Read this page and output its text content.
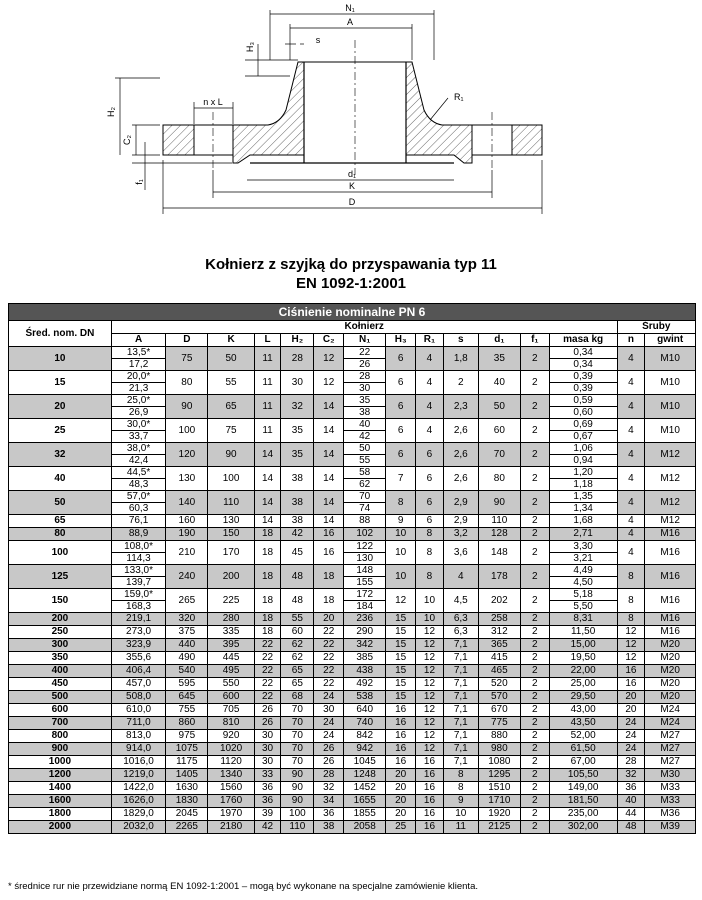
N₁
A
s
H₃
R₁
n x L
H₂
C₂
f₁
d₁
K
D
Kołnierz z szyjką do przyspawania typ 11
EN 1092-1:2001
Ciśnienie nominalne PN 6															
Śred. nom. DN	Kołnierz													Śruby	
	A	D	K	L	H₂	C₂	N₁	H₃	R₁	s	d₁	f₁	masa kg	n	gwint
10	13,5*	75	50	11	28	12	22	6	4	1,8	35	2	0,34	4	M10
	17,2						26						0,34		
15	20,0*	80	55	11	30	12	28	6	4	2	40	2	0,39	4	M10
	21,3						30						0,39		
20	25,0*	90	65	11	32	14	35	6	4	2,3	50	2	0,59	4	M10
	26,9						38						0,60		
25	30,0*	100	75	11	35	14	40	6	4	2,6	60	2	0,69	4	M10
	33,7						42						0,67		
32	38,0*	120	90	14	35	14	50	6	6	2,6	70	2	1,06	4	M12
	42,4						55						0,94		
40	44,5*	130	100	14	38	14	58	7	6	2,6	80	2	1,20	4	M12
	48,3						62						1,18		
50	57,0*	140	110	14	38	14	70	8	6	2,9	90	2	1,35	4	M12
	60,3						74						1,34		
65	76,1	160	130	14	38	14	88	9	6	2,9	110	2	1,68	4	M12
80	88,9	190	150	18	42	16	102	10	8	3,2	128	2	2,71	4	M16
100	108,0*	210	170	18	45	16	122	10	8	3,6	148	2	3,30	4	M16
	114,3						130						3,21		
125	133,0*	240	200	18	48	18	148	10	8	4	178	2	4,49	8	M16
	139,7						155						4,50		
150	159,0*	265	225	18	48	18	172	12	10	4,5	202	2	5,18	8	M16
	168,3						184						5,50		
200	219,1	320	280	18	55	20	236	15	10	6,3	258	2	8,31	8	M16
250	273,0	375	335	18	60	22	290	15	12	6,3	312	2	11,50	12	M16
300	323,9	440	395	22	62	22	342	15	12	7,1	365	2	15,00	12	M20
350	355,6	490	445	22	62	22	385	15	12	7,1	415	2	19,50	12	M20
400	406,4	540	495	22	65	22	438	15	12	7,1	465	2	22,00	16	M20
450	457,0	595	550	22	65	22	492	15	12	7,1	520	2	25,00	16	M20
500	508,0	645	600	22	68	24	538	15	12	7,1	570	2	29,50	20	M20
600	610,0	755	705	26	70	30	640	16	12	7,1	670	2	43,00	20	M24
700	711,0	860	810	26	70	24	740	16	12	7,1	775	2	43,50	24	M24
800	813,0	975	920	30	70	24	842	16	12	7,1	880	2	52,00	24	M27
900	914,0	1075	1020	30	70	26	942	16	12	7,1	980	2	61,50	24	M27
1000	1016,0	1175	1120	30	70	26	1045	16	16	7,1	1080	2	67,00	28	M27
1200	1219,0	1405	1340	33	90	28	1248	20	16	8	1295	2	105,50	32	M30
1400	1422,0	1630	1560	36	90	32	1452	20	16	8	1510	2	149,00	36	M33
1600	1626,0	1830	1760	36	90	34	1655	20	16	9	1710	2	181,50	40	M33
1800	1829,0	2045	1970	39	100	36	1855	20	16	10	1920	2	235,00	44	M36
2000	2032,0	2265	2180	42	110	38	2058	25	16	11	2125	2	302,00	48	M39
* średnice rur nie przewidziane normą EN 1092-1:2001 – mogą być wykonane na specjalne zamówienie klienta.
